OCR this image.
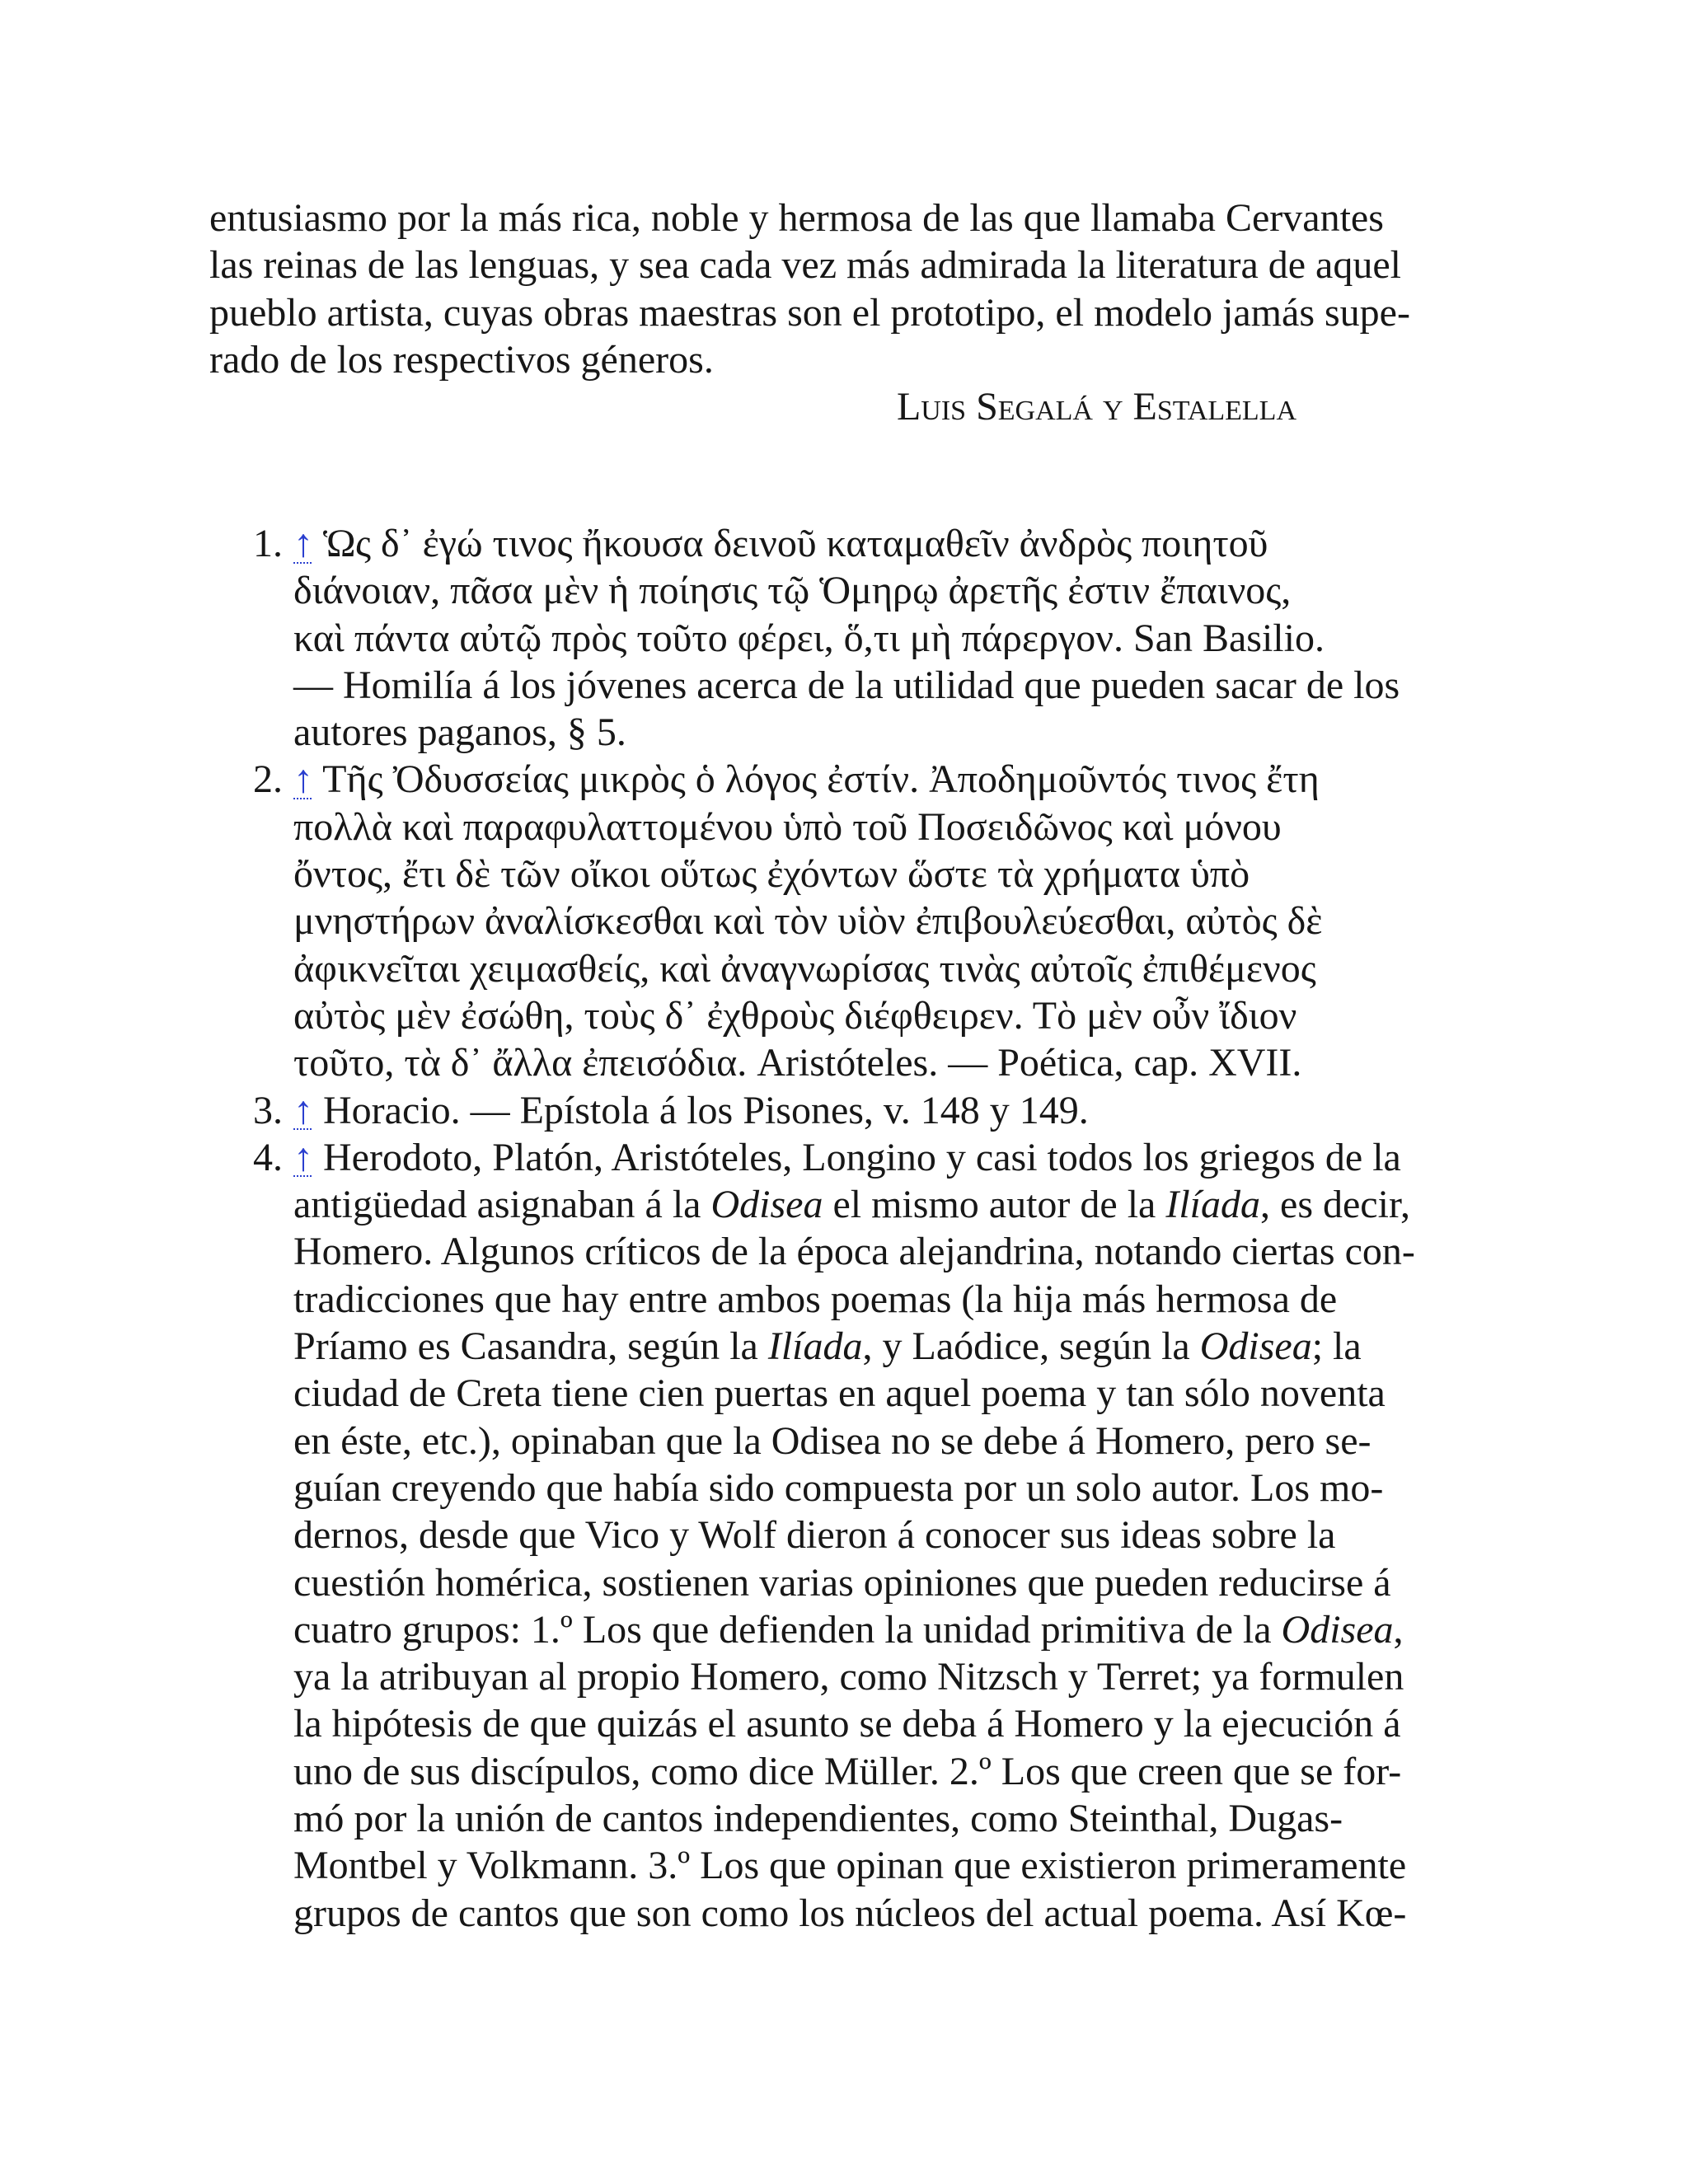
entusiasmo por la más rica, noble y hermosa de las que llamaba Cervantes
las reinas de las lenguas, y sea cada vez más admirada la literatura de aquel
pueblo artista, cuyas obras maestras son el prototipo, el modelo jamás supe-
rado de los respectivos géneros.
Luis Segalá y Estalella
1. ↑ Ὡς δ᾽ ἐγώ τινος ἤκουσα δεινοῦ καταμαθεῖν ἀνδρὸς ποιητοῦ
διάνοιαν, πᾶσα μὲν ἡ ποίησις τῷ Ὁμηρῳ ἀρετῆς ἐστιν ἔπαινος,
καὶ πάντα αὐτῷ πρὸς τοῦτο φέρει, ὅ,τι μὴ πάρεργον. San Basilio.
— Homilía á los jóvenes acerca de la utilidad que pueden sacar de los
autores paganos, § 5.
2. ↑ Τῆς Ὀδυσσείας μικρὸς ὁ λόγος ἐστίν. Ἀποδημοῦντός τινος ἔτη
πολλὰ καὶ παραφυλαττομένου ὑπὸ τοῦ Ποσειδῶνος καὶ μόνου
ὄντος, ἔτι δὲ τῶν οἴκοι οὕτως ἐχόντων ὥστε τὰ χρήματα ὑπὸ
μνηστήρων ἀναλίσκεσθαι καὶ τὸν υἱὸν ἐπιβουλεύεσθαι, αὐτὸς δὲ
ἀφικνεῖται χειμασθείς, καὶ ἀναγνωρίσας τινὰς αὐτοῖς ἐπιθέμενος
αὐτὸς μὲν ἐσώθη, τοὺς δ᾽ ἐχθροὺς διέφθειρεν. Τὸ μὲν οὖν ἴδιον
τοῦτο, τὰ δ᾽ ἄλλα ἐπεισόδια. Aristóteles. — Poética, cap. XVII.
3. ↑ Horacio. — Epístola á los Pisones, v. 148 y 149.
4. ↑ Herodoto, Platón, Aristóteles, Longino y casi todos los griegos de la
antigüedad asignaban á la Odisea el mismo autor de la Ilíada, es decir,
Homero. Algunos críticos de la época alejandrina, notando ciertas con-
tradicciones que hay entre ambos poemas (la hija más hermosa de
Príamo es Casandra, según la Ilíada, y Laódice, según la Odisea; la
ciudad de Creta tiene cien puertas en aquel poema y tan sólo noventa
en éste, etc.), opinaban que la Odisea no se debe á Homero, pero se-
guían creyendo que había sido compuesta por un solo autor. Los mo-
dernos, desde que Vico y Wolf dieron á conocer sus ideas sobre la
cuestión homérica, sostienen varias opiniones que pueden reducirse á
cuatro grupos: 1.º Los que defienden la unidad primitiva de la Odisea,
ya la atribuyan al propio Homero, como Nitzsch y Terret; ya formulen
la hipótesis de que quizás el asunto se deba á Homero y la ejecución á
uno de sus discípulos, como dice Müller. 2.º Los que creen que se for-
mó por la unión de cantos independientes, como Steinthal, Dugas-
Montbel y Volkmann. 3.º Los que opinan que existieron primeramente
grupos de cantos que son como los núcleos del actual poema. Así Kœ-
